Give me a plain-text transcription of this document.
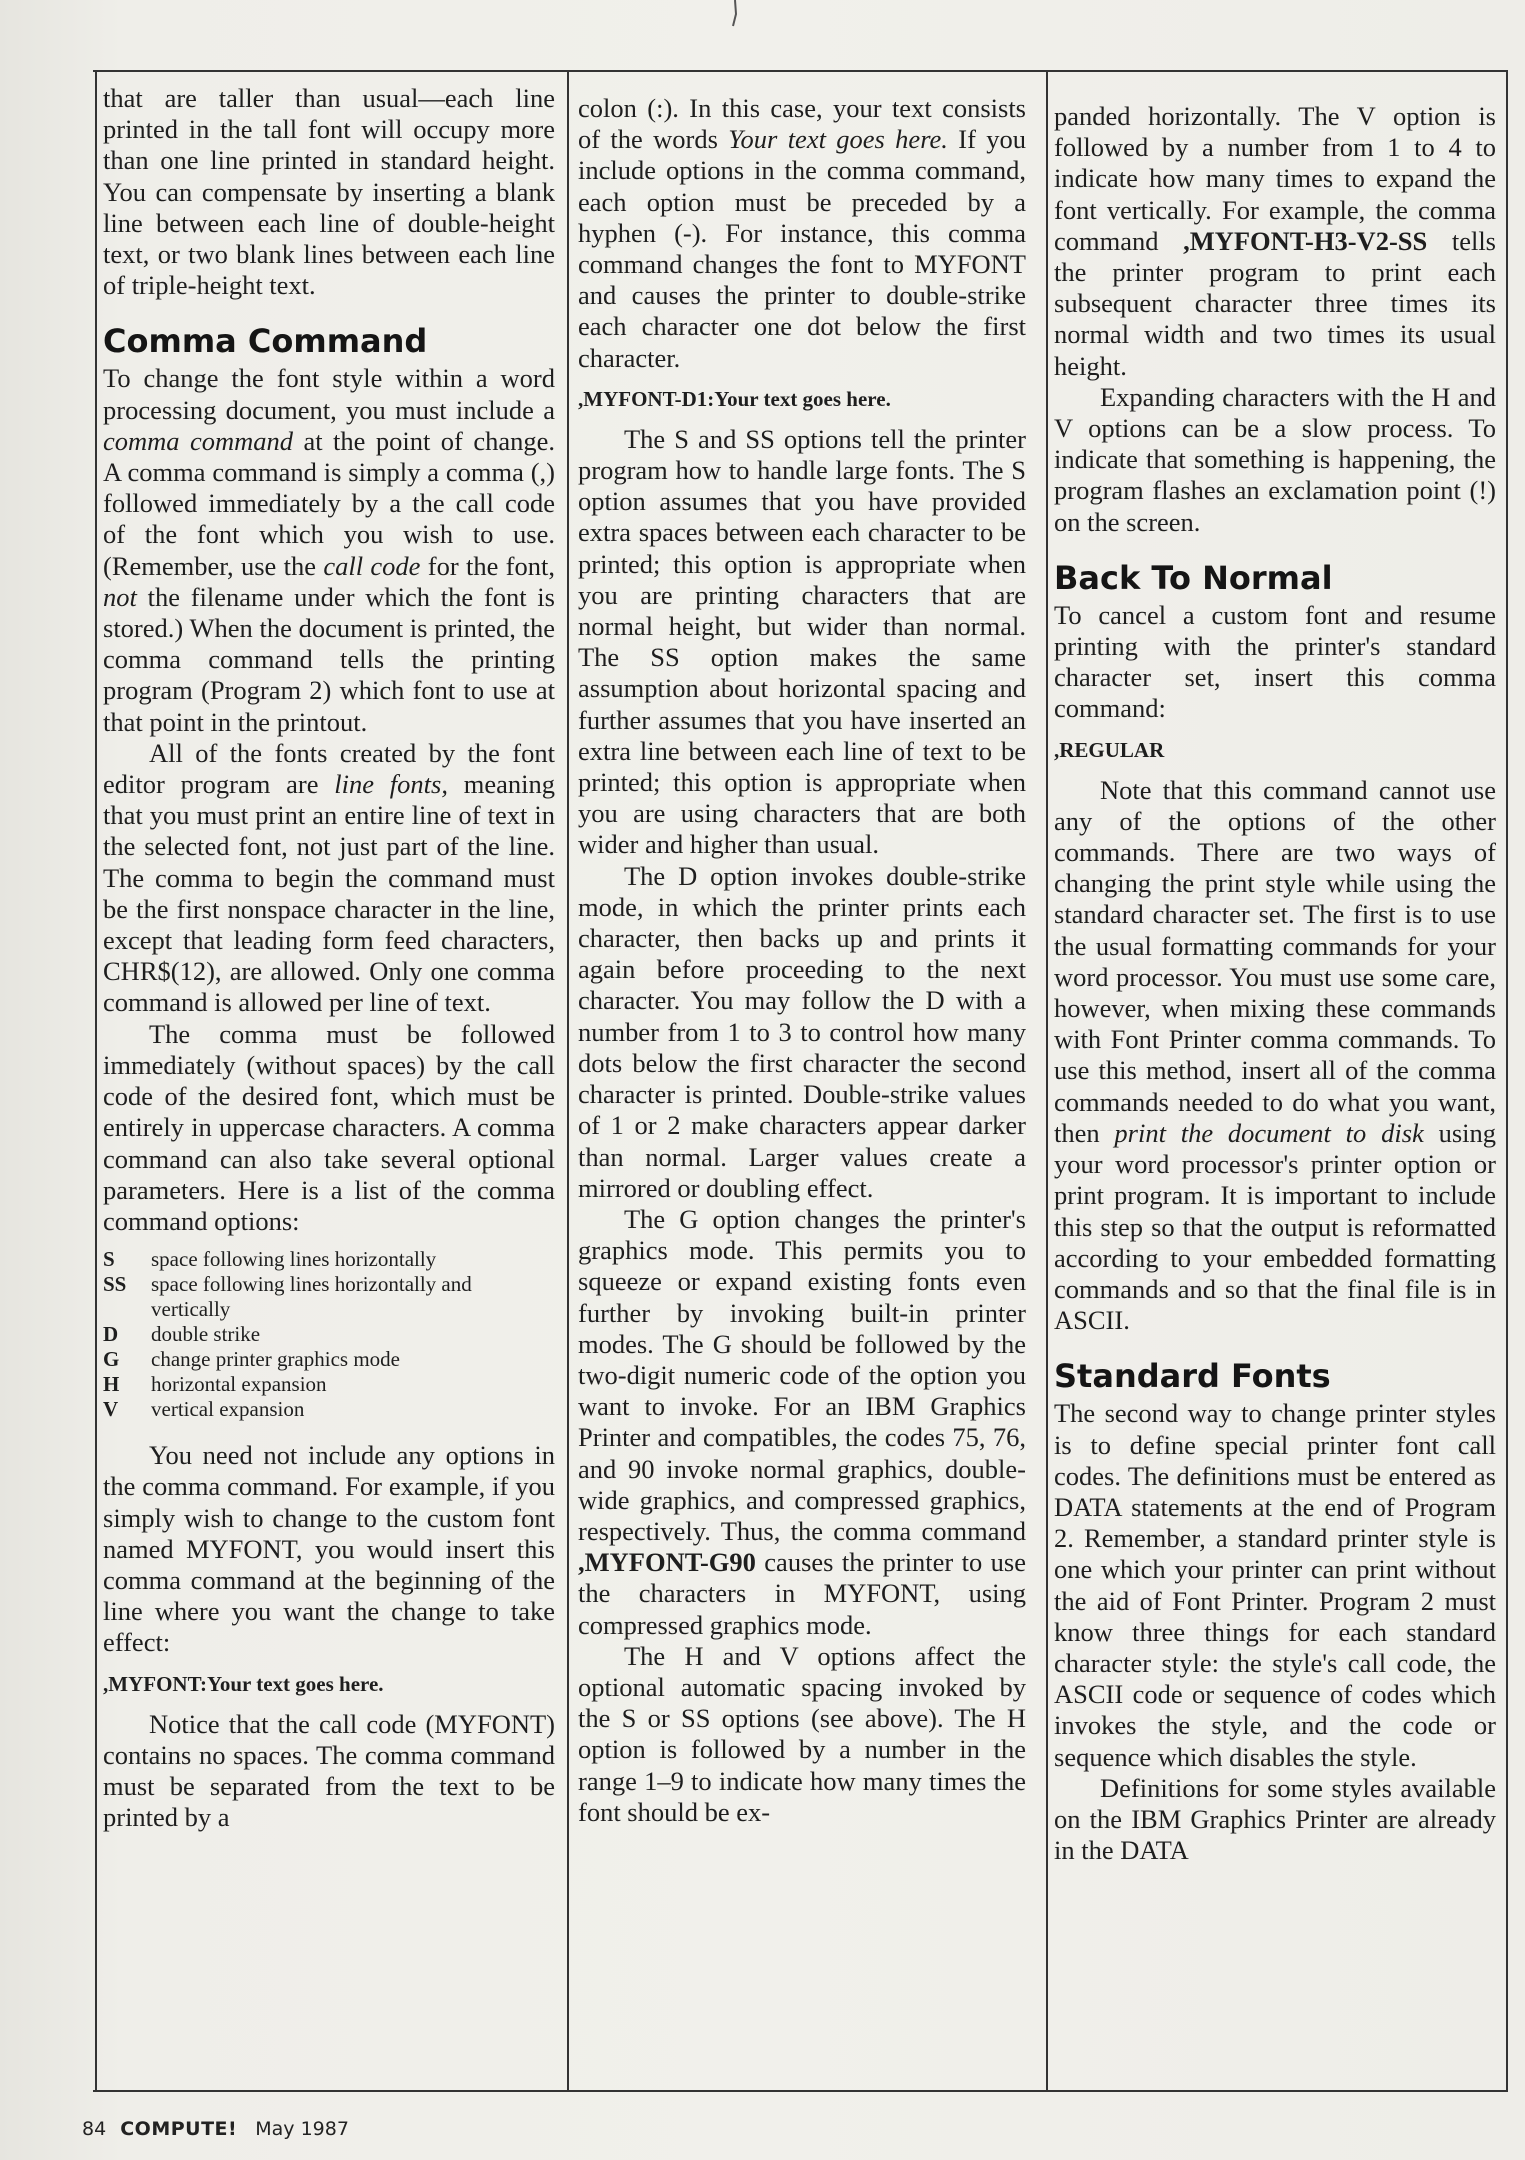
that are taller than usual—each line printed in the tall font will occupy more than one line printed in standard height. You can compensate by inserting a blank line between each line of double-height text, or two blank lines between each line of triple-height text.

Comma Command

To change the font style within a word processing document, you must include a comma command at the point of change. A comma command is simply a comma (,) followed immediately by a the call code of the font which you wish to use. (Remember, use the call code for the font, not the filename under which the font is stored.) When the document is printed, the comma command tells the printing program (Program 2) which font to use at that point in the printout.

All of the fonts created by the font editor program are line fonts, meaning that you must print an entire line of text in the selected font, not just part of the line. The comma to begin the command must be the first nonspace character in the line, except that leading form feed characters, CHR$(12), are allowed. Only one comma command is allowed per line of text.

The comma must be followed immediately (without spaces) by the call code of the desired font, which must be entirely in uppercase characters. A comma command can also take several optional parameters. Here is a list of the comma command options:

S	space following lines horizontally
SS	space following lines horizontally and vertically
D	double strike
G	change printer graphics mode
H	horizontal expansion
V	vertical expansion

You need not include any options in the comma command. For example, if you simply wish to change to the custom font named MYFONT, you would insert this comma command at the beginning of the line where you want the change to take effect:

,MYFONT:Your text goes here.

Notice that the call code (MYFONT) contains no spaces. The comma command must be separated from the text to be printed by a

colon (:). In this case, your text consists of the words Your text goes here. If you include options in the comma command, each option must be preceded by a hyphen (-). For instance, this comma command changes the font to MYFONT and causes the printer to double-strike each character one dot below the first character.

,MYFONT-D1:Your text goes here.

The S and SS options tell the printer program how to handle large fonts. The S option assumes that you have provided extra spaces between each character to be printed; this option is appropriate when you are printing characters that are normal height, but wider than normal. The SS option makes the same assumption about horizontal spacing and further assumes that you have inserted an extra line between each line of text to be printed; this option is appropriate when you are using characters that are both wider and higher than usual.

The D option invokes double-strike mode, in which the printer prints each character, then backs up and prints it again before proceeding to the next character. You may follow the D with a number from 1 to 3 to control how many dots below the first character the second character is printed. Double-strike values of 1 or 2 make characters appear darker than normal. Larger values create a mirrored or doubling effect.

The G option changes the printer's graphics mode. This permits you to squeeze or expand existing fonts even further by invoking built-in printer modes. The G should be followed by the two-digit numeric code of the option you want to invoke. For an IBM Graphics Printer and compatibles, the codes 75, 76, and 90 invoke normal graphics, double-wide graphics, and compressed graphics, respectively. Thus, the comma command ,MYFONT-G90 causes the printer to use the characters in MYFONT, using compressed graphics mode.

The H and V options affect the optional automatic spacing invoked by the S or SS options (see above). The H option is followed by a number in the range 1–9 to indicate how many times the font should be ex-

panded horizontally. The V option is followed by a number from 1 to 4 to indicate how many times to expand the font vertically. For example, the comma command ,MYFONT-H3-V2-SS tells the printer program to print each subsequent character three times its normal width and two times its usual height.

Expanding characters with the H and V options can be a slow process. To indicate that something is happening, the program flashes an exclamation point (!) on the screen.

Back To Normal

To cancel a custom font and resume printing with the printer's standard character set, insert this comma command:

,REGULAR

Note that this command cannot use any of the options of the other commands. There are two ways of changing the print style while using the standard character set. The first is to use the usual formatting commands for your word processor. You must use some care, however, when mixing these commands with Font Printer comma commands. To use this method, insert all of the comma commands needed to do what you want, then print the document to disk using your word processor's printer option or print program. It is important to include this step so that the output is reformatted according to your embedded formatting commands and so that the final file is in ASCII.

Standard Fonts

The second way to change printer styles is to define special printer font call codes. The definitions must be entered as DATA statements at the end of Program 2. Remember, a standard printer style is one which your printer can print without the aid of Font Printer. Program 2 must know three things for each standard character style: the style's call code, the ASCII code or sequence of codes which invokes the style, and the code or sequence which disables the style.

Definitions for some styles available on the IBM Graphics Printer are already in the DATA

84 COMPUTE! May 1987
